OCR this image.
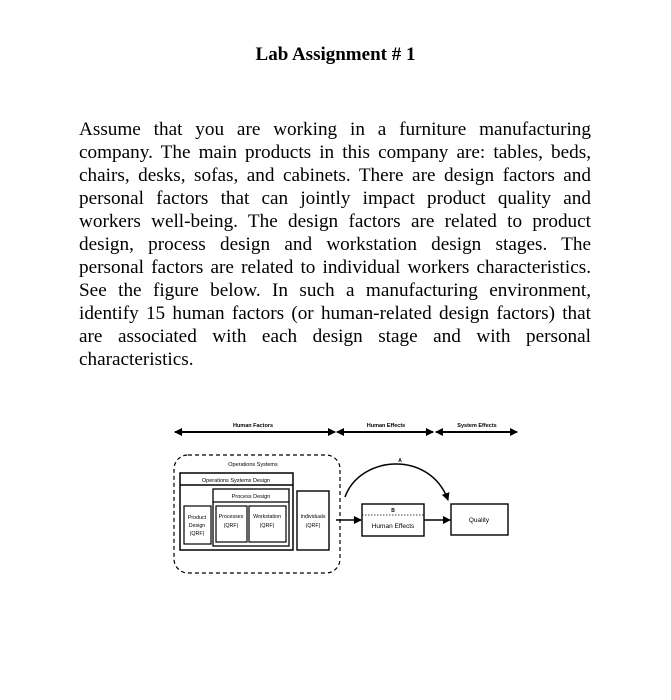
Lab Assignment # 1
Assume that you are working in a furniture manufacturing
company. The main products in this company are: tables, beds,
chairs, desks, sofas, and cabinets. There are design factors and
personal factors that can jointly impact product quality and
workers well-being. The design factors are related to product
design, process design and workstation design stages. The
personal factors are related to individual workers characteristics.
See the figure below. In such a manufacturing environment,
identify 15 human factors (or human-related design factors) that
are associated with each design stage and with personal
characteristics.
Human Factors	Human Effects	System Effects
Operations Systems
Operations Systems Design
Process Design
Product
Design
(QRF)
Processes
(QRF)
Workstation
(QRF)
Individuals
(QRF)
A
B
Human Effects
Quality
